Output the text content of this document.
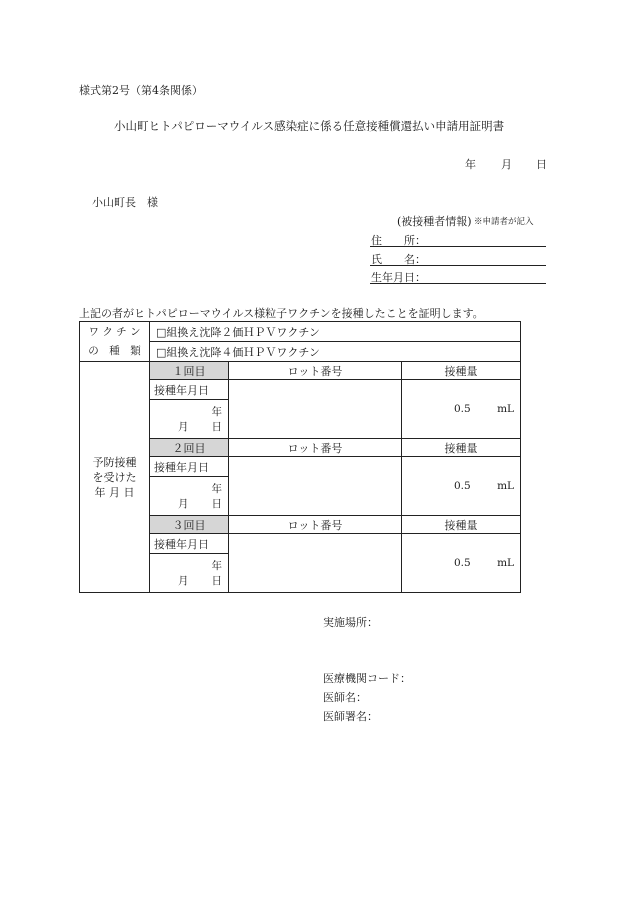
様式第2号（第4条関係）
小山町ヒトパピローマウイルス感染症に係る任意接種償還払い申請用証明書
年 月 日
小山町長　様
(被接種者情報) ※申請者が記入
住　　所：
氏　　名：
生年月日：
上記の者がヒトパピローマウイルス様粒子ワクチンを接種したことを証明します。
ワ ク チ ン
の　種　類	□組換え沈降２価ＨＰＶワクチン		
	□組換え沈降４価ＨＰＶワクチン		

予防接種
を受けた
年 月 日	１回目	ロット番号	接種量
	接種年月日		0.5 mL

	年
月 日		

	２回目	ロット番号	接種量
	接種年月日		0.5 mL

	年
月 日		

	３回目	ロット番号	接種量
	接種年月日		0.5 mL

	年
月 日		
実施場所：
医療機関コード：
医師名：
医師署名：
